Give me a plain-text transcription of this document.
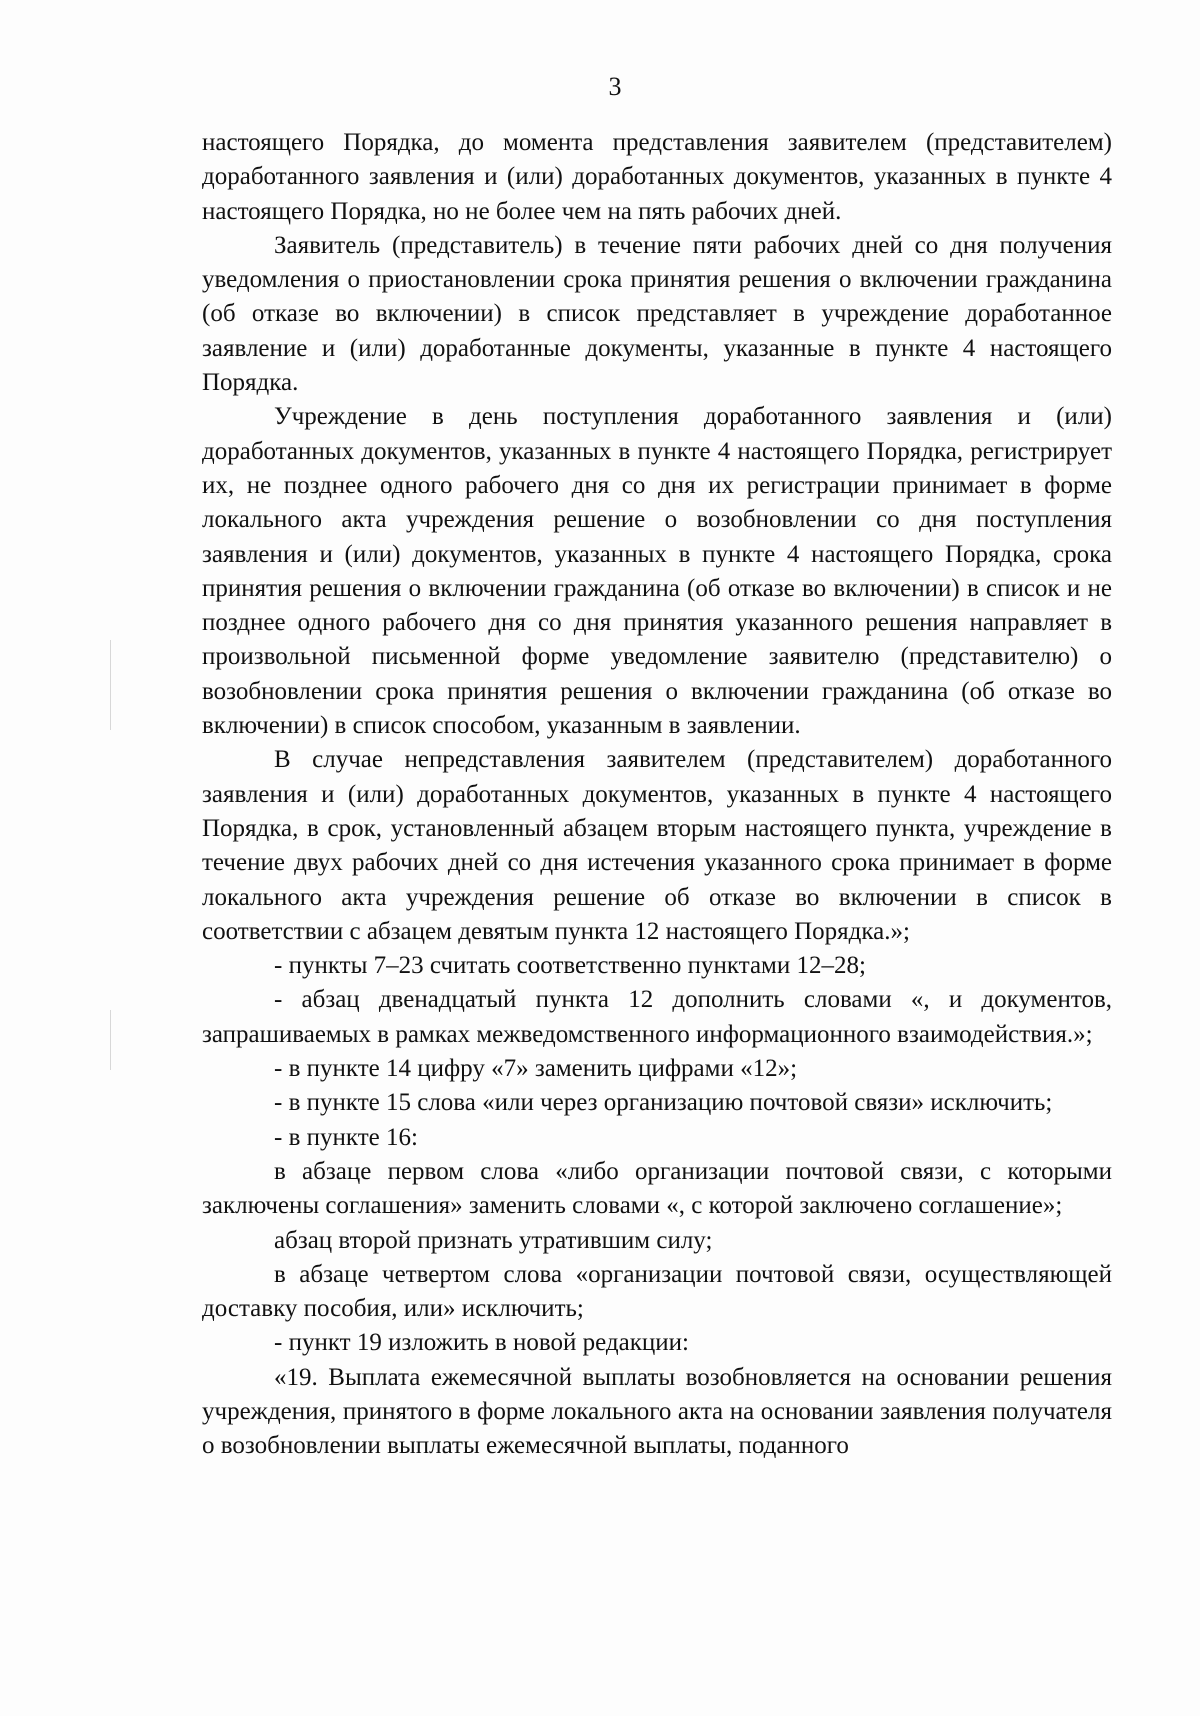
3

настоящего Порядка, до момента представления заявителем (представителем) доработанного заявления и (или) доработанных документов, указанных в пункте 4 настоящего Порядка, но не более чем на пять рабочих дней.

Заявитель (представитель) в течение пяти рабочих дней со дня получения уведомления о приостановлении срока принятия решения о включении гражданина (об отказе во включении) в список представляет в учреждение доработанное заявление и (или) доработанные документы, указанные в пункте 4 настоящего Порядка.

Учреждение в день поступления доработанного заявления и (или) доработанных документов, указанных в пункте 4 настоящего Порядка, регистрирует их, не позднее одного рабочего дня со дня их регистрации принимает в форме локального акта учреждения решение о возобновлении со дня поступления заявления и (или) документов, указанных в пункте 4 настоящего Порядка, срока принятия решения о включении гражданина (об отказе во включении) в список и не позднее одного рабочего дня со дня принятия указанного решения направляет в произвольной письменной форме уведомление заявителю (представителю) о возобновлении срока принятия решения о включении гражданина (об отказе во включении) в список способом, указанным в заявлении.

В случае непредставления заявителем (представителем) доработанного заявления и (или) доработанных документов, указанных в пункте 4 настоящего Порядка, в срок, установленный абзацем вторым настоящего пункта, учреждение в течение двух рабочих дней со дня истечения указанного срока принимает в форме локального акта учреждения решение об отказе во включении в список в соответствии с абзацем девятым пункта 12 настоящего Порядка.»;

- пункты 7–23 считать соответственно пунктами 12–28;

- абзац двенадцатый пункта 12 дополнить словами «, и документов, запрашиваемых в рамках межведомственного информационного взаимодействия.»;

- в пункте 14 цифру «7» заменить цифрами «12»;

- в пункте 15 слова «или через организацию почтовой связи» исключить;

- в пункте 16:

в абзаце первом слова «либо организации почтовой связи, с которыми заключены соглашения» заменить словами «, с которой заключено соглашение»;

абзац второй признать утратившим силу;

в абзаце четвертом слова «организации почтовой связи, осуществляющей доставку пособия, или» исключить;

- пункт 19 изложить в новой редакции:

«19. Выплата ежемесячной выплаты возобновляется на основании решения учреждения, принятого в форме локального акта на основании заявления получателя о возобновлении выплаты ежемесячной выплаты, поданного
